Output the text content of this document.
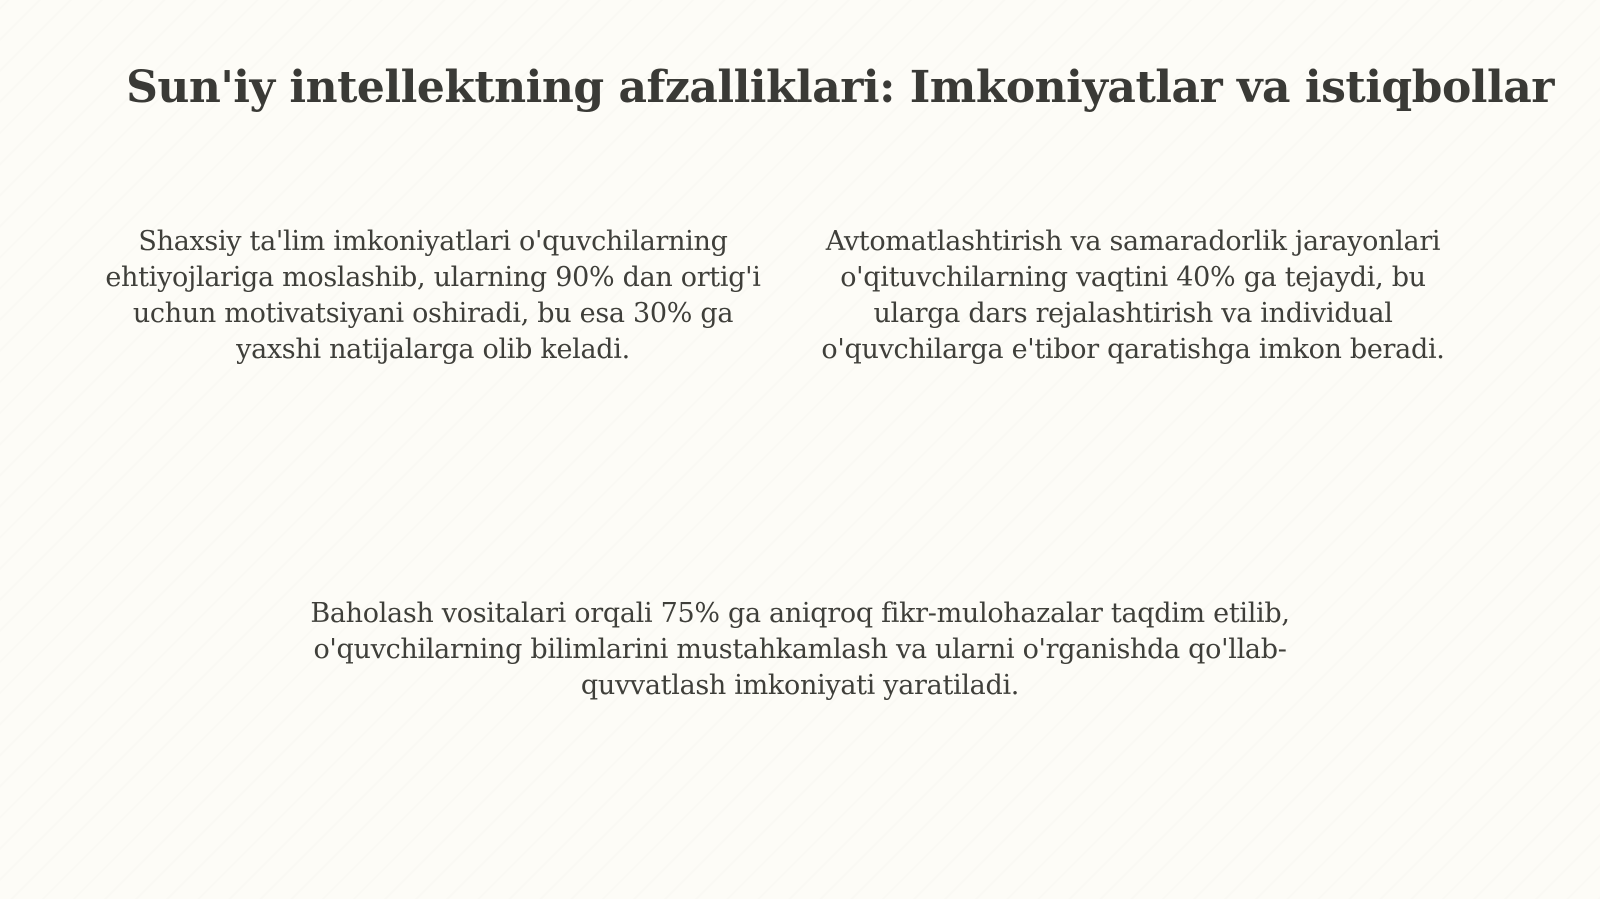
Sun'iy intellektning afzalliklari: Imkoniyatlar va istiqbollar
Shaxsiy ta'lim imkoniyatlari o'quvchilarning ehtiyojlariga moslashib, ularning 90% dan ortig'i uchun motivatsiyani oshiradi, bu esa 30% ga yaxshi natijalarga olib keladi.
Avtomatlashtirish va samaradorlik jarayonlari o'qituvchilarning vaqtini 40% ga tejaydi, bu ularga dars rejalashtirish va individual o'quvchilarga e'tibor qaratishga imkon beradi.
Baholash vositalari orqali 75% ga aniqroq fikr-mulohazalar taqdim etilib, o'quvchilarning bilimlarini mustahkamlash va ularni o'rganishda qo'llab-quvvatlash imkoniyati yaratiladi.
